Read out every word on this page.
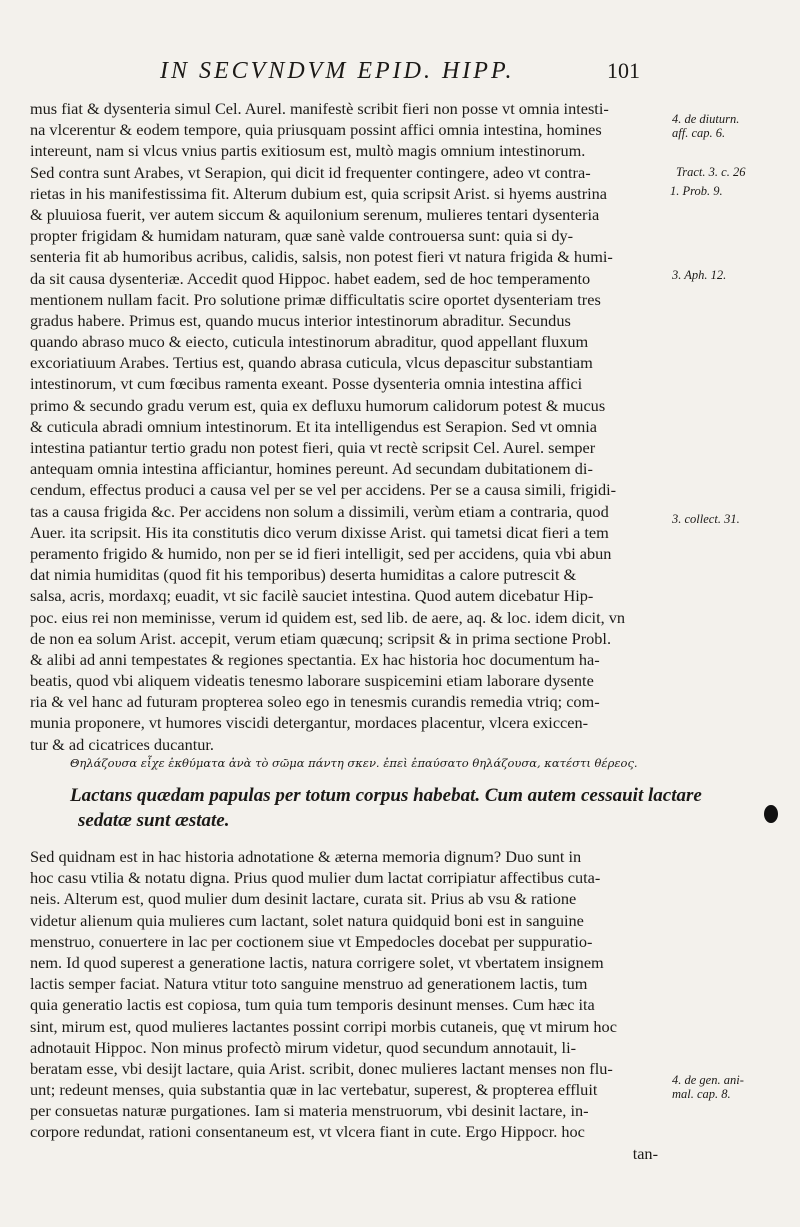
IN SECVNDVM EPID. HIPP.	101
mus fiat & dysenteria simul Cel. Aurel. manifestè scribit fieri non posse vt omnia intesti-
na vlcerentur & eodem tempore, quia priusquam possint affici omnia intestina, homines
intereunt, nam si vlcus vnius partis exitiosum est, multò magis omnium intestinorum.
Sed contra sunt Arabes, vt Serapion, qui dicit id frequenter contingere, adeo vt contra-
rietas in his manifestissima fit. Alterum dubium est, quia scripsit Arist. si hyems austrina
& pluuiosa fuerit, ver autem siccum & aquilonium serenum, mulieres tentari dysenteria
propter frigidam & humidam naturam, quæ sanè valde controuersa sunt: quia si dy-
senteria fit ab humoribus acribus, calidis, salsis, non potest fieri vt natura frigida & humi-
da sit causa dysenteriæ. Accedit quod Hippoc. habet eadem, sed de hoc temperamento
mentionem nullam facit. Pro solutione primæ difficultatis scire oportet dysenteriam tres
gradus habere. Primus est, quando mucus interior intestinorum abraditur. Secundus
quando abraso muco & eiecto, cuticula intestinorum abraditur, quod appellant fluxum
excoriatiuum Arabes. Tertius est, quando abrasa cuticula, vlcus depascitur substantiam
intestinorum, vt cum fœcibus ramenta exeant. Posse dysenteria omnia intestina affici
primo & secundo gradu verum est, quia ex defluxu humorum calidorum potest & mucus
& cuticula abradi omnium intestinorum. Et ita intelligendus est Serapion. Sed vt omnia
intestina patiantur tertio gradu non potest fieri, quia vt rectè scripsit Cel. Aurel. semper
antequam omnia intestina afficiantur, homines pereunt. Ad secundam dubitationem di-
cendum, effectus produci a causa vel per se vel per accidens. Per se a causa simili, frigidi-
tas a causa frigida &c. Per accidens non solum a dissimili, verùm etiam a contraria, quod
Auer. ita scripsit. His ita constitutis dico verum dixisse Arist. qui tametsi dicat fieri a tem
peramento frigido & humido, non per se id fieri intelligit, sed per accidens, quia vbi abun
dat nimia humiditas (quod fit his temporibus) deserta humiditas a calore putrescit &
salsa, acris, mordaxq; euadit, vt sic facilè sauciet intestina. Quod autem dicebatur Hip-
poc. eius rei non meminisse, verum id quidem est, sed lib. de aere, aq. & loc. idem dicit, vn
de non ea solum Arist. accepit, verum etiam quæcunq; scripsit & in prima sectione Probl.
& alibi ad anni tempestates & regiones spectantia. Ex hac historia hoc documentum ha-
beatis, quod vbi aliquem videatis tenesmo laborare suspicemini etiam laborare dysente
ria & vel hanc ad futuram propterea soleo ego in tenesmis curandis remedia vtriq; com-
munia proponere, vt humores viscidi detergantur, mordaces placentur, vlcera exiccen-
tur & ad cicatrices ducantur.
Θηλάζουσα εἶχε ἐκθύματα ἀνὰ τὸ σῶμα πάντη σκεν. ἐπεὶ ἐπαύσατο θηλάζουσα, κατέστι θέρεος.
Lactans quædam papulas per totum corpus habebat. Cum autem cessauit lactare
sedatæ sunt æstate.
Sed quidnam est in hac historia adnotatione & æterna memoria dignum? Duo sunt in
hoc casu vtilia & notatu digna. Prius quod mulier dum lactat corripiatur affectibus cuta-
neis. Alterum est, quod mulier dum desinit lactare, curata sit. Prius ab vsu & ratione
videtur alienum quia mulieres cum lactant, solet natura quidquid boni est in sanguine
menstruo, conuertere in lac per coctionem siue vt Empedocles docebat per suppuratio-
nem. Id quod superest a generatione lactis, natura corrigere solet, vt vbertatem insignem
lactis semper faciat. Natura vtitur toto sanguine menstruo ad generationem lactis, tum
quia generatio lactis est copiosa, tum quia tum temporis desinunt menses. Cum hæc ita
sint, mirum est, quod mulieres lactantes possint corripi morbis cutaneis, quę vt mirum hoc
adnotauit Hippoc. Non minus profectò mirum videtur, quod secundum annotauit, li-
beratam esse, vbi desijt lactare, quia Arist. scribit, donec mulieres lactant menses non flu-
unt; redeunt menses, quia substantia quæ in lac vertebatur, superest, & propterea effluit
per consuetas naturæ purgationes. Iam si materia menstruorum, vbi desinit lactare, in-
corpore redundat, rationi consentaneum est, vt vlcera fiant in cute. Ergo Hippocr. hoc
tan-
4. de diuturn.
aff. cap. 6.
Tract. 3. c. 26
1. Prob. 9.
3. Aph. 12.
3. collect. 31.
4. de gen. ani-
mal. cap. 8.
